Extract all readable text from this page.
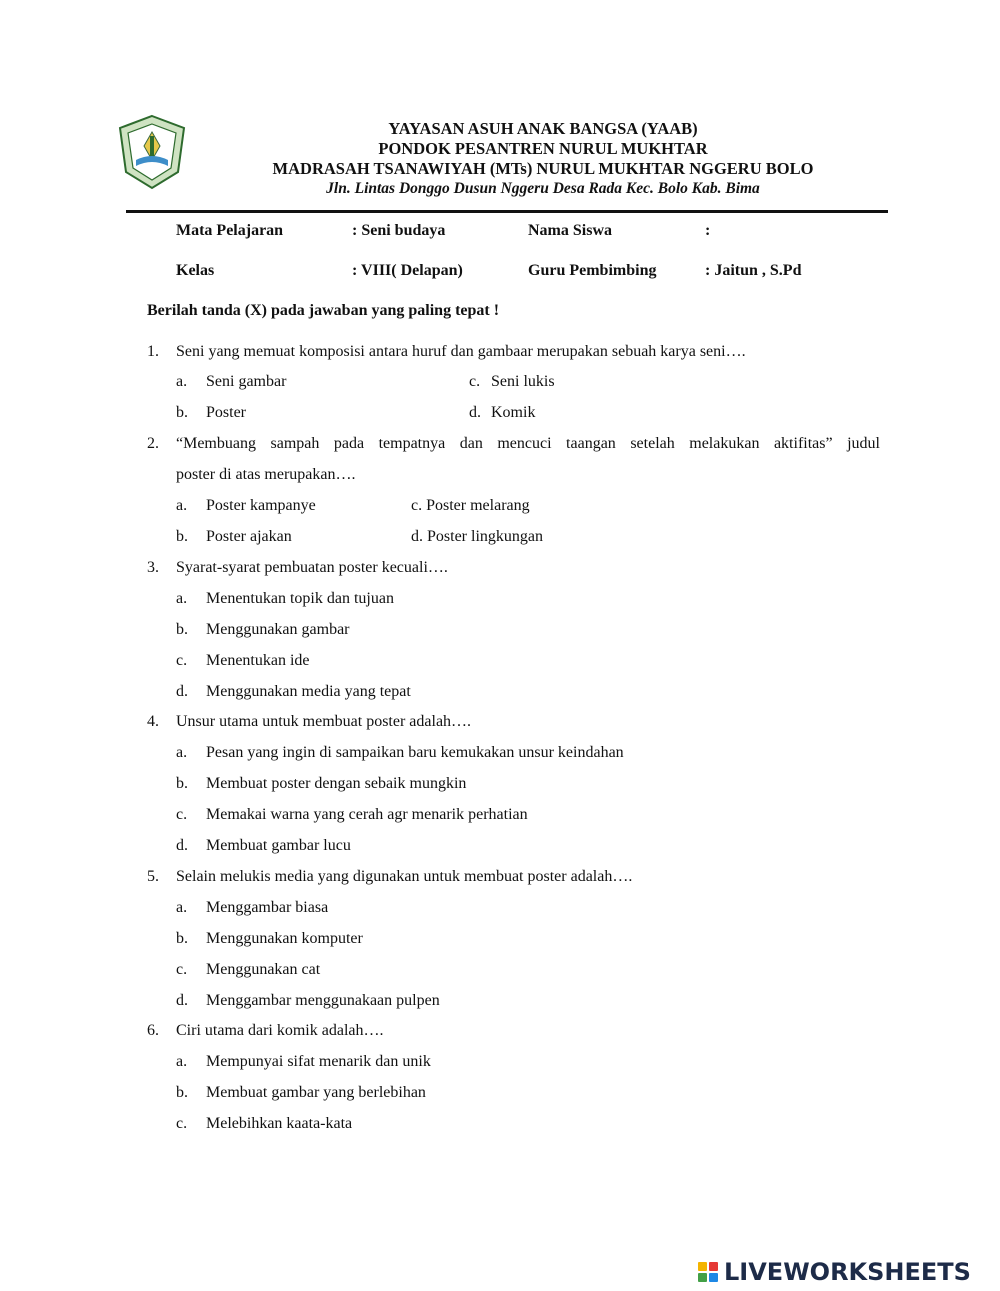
YAYASAN ASUH ANAK BANGSA (YAAB)
PONDOK PESANTREN NURUL MUKHTAR
MADRASAH TSANAWIYAH (MTs) NURUL MUKHTAR NGGERU BOLO
Jln. Lintas Donggo Dusun Nggeru Desa Rada Kec. Bolo Kab. Bima
Mata Pelajaran	: Seni budaya	Nama Siswa	:
Kelas	: VIII( Delapan)	Guru Pembimbing	: Jaitun , S.Pd
Berilah tanda (X) pada jawaban yang paling tepat !
1. Seni yang memuat komposisi antara huruf dan gambaar merupakan sebuah karya seni….
a. Seni gambar	c. Seni lukis
b. Poster	d. Komik
2. “Membuang sampah pada tempatnya dan mencuci taangan setelah melakukan aktifitas” judul
poster di atas merupakan….
a. Poster kampanye	c. Poster melarang
b. Poster ajakan	d. Poster lingkungan
3. Syarat-syarat pembuatan poster kecuali….
a. Menentukan topik dan tujuan
b. Menggunakan gambar
c. Menentukan ide
d. Menggunakan media yang tepat
4. Unsur utama untuk membuat poster adalah….
a. Pesan yang ingin di sampaikan baru kemukakan unsur keindahan
b. Membuat poster dengan sebaik mungkin
c. Memakai warna yang cerah agr menarik perhatian
d. Membuat gambar lucu
5. Selain melukis media yang digunakan untuk membuat poster adalah….
a. Menggambar biasa
b. Menggunakan komputer
c. Menggunakan cat
d. Menggambar menggunakaan pulpen
6. Ciri utama dari komik adalah….
a. Mempunyai sifat menarik dan unik
b. Membuat gambar yang berlebihan
c. Melebihkan kaata-kata
LIVEWORKSHEETS
